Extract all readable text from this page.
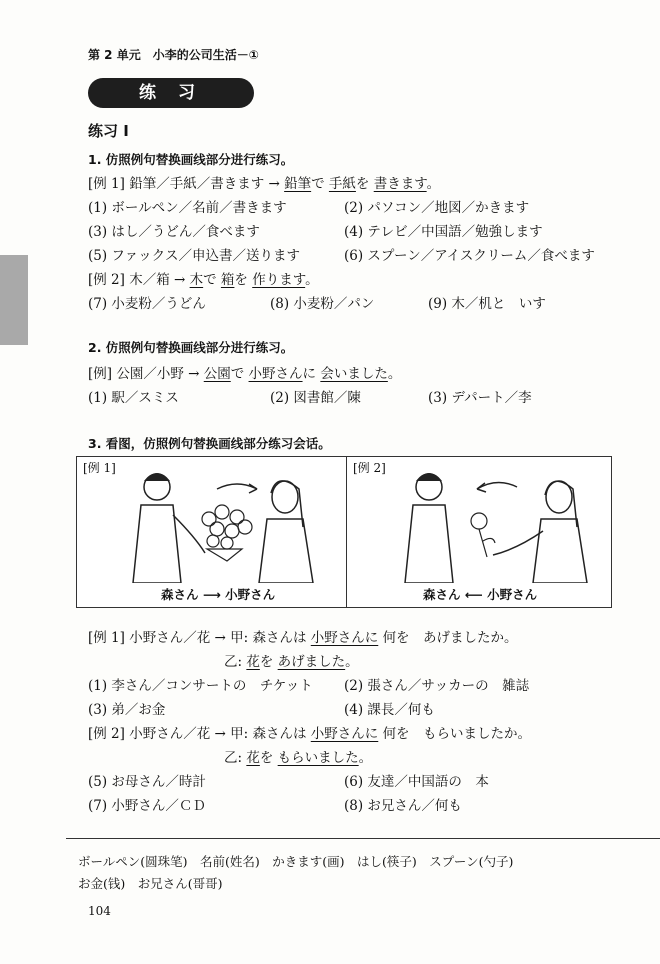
第 2 单元　小李的公司生活－①
练 习
练习 I
1. 仿照例句替换画线部分进行练习。
[例 1] 鉛筆／手紙／書きます → 鉛筆で 手紙を 書きます。
(1) ボールペン／名前／書きます	(2) パソコン／地図／かきます
(3) はし／うどん／食べます	(4) テレビ／中国語／勉強します
(5) ファックス／申込書／送ります	(6) スプーン／アイスクリーム／食べます
[例 2] 木／箱 → 木で 箱を 作ります。
(7) 小麦粉／うどん	(8) 小麦粉／パン	(9) 木／机と　いす
2. 仿照例句替换画线部分进行练习。
[例] 公園／小野 → 公園で 小野さんに 会いました。
(1) 駅／スミス	(2) 図書館／陳	(3) デパート／李
3. 看图，仿照例句替换画线部分练习会话。
[例 1]
森さん ⟶ 小野さん
[例 2]
森さん ⟵ 小野さん
[例 1] 小野さん／花 → 甲: 森さんは 小野さんに 何を　あげましたか。
乙: 花を あげました。
(1) 李さん／コンサートの　チケット (2) 張さん／サッカーの　雑誌
(3) 弟／お金	(4) 課長／何も
[例 2] 小野さん／花 → 甲: 森さんは 小野さんに 何を　もらいましたか。
乙: 花を もらいました。
(5) お母さん／時計	(6) 友達／中国語の　本
(7) 小野さん／ＣＤ	(8) お兄さん／何も
ボールペン(圆珠笔)　名前(姓名)　かきます(画)　はし(筷子)　スプーン(勺子)
お金(钱)　お兄さん(哥哥)
104
